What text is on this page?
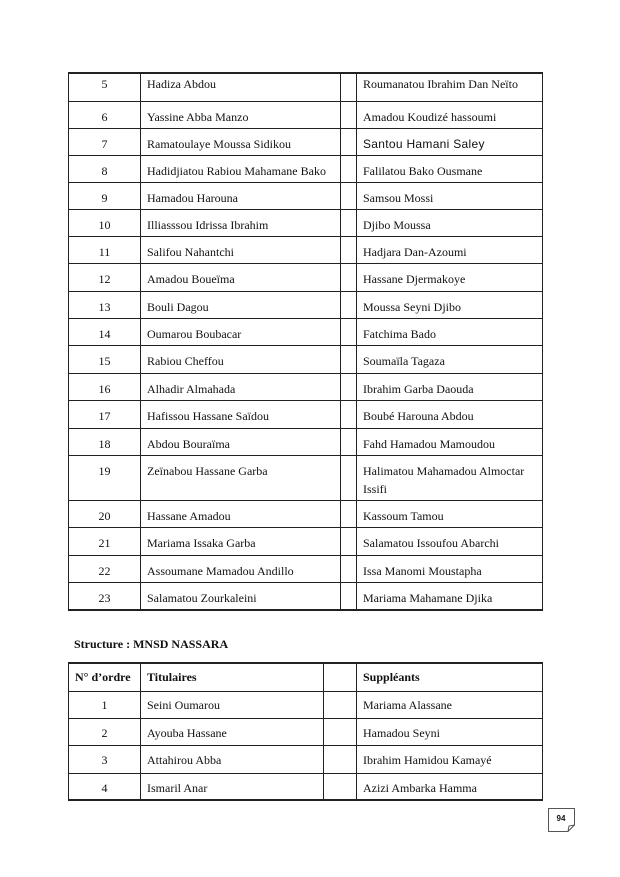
5	Hadiza Abdou		Roumanatou Ibrahim Dan Neïto
6	Yassine Abba Manzo		Amadou Koudizé hassoumi
7	Ramatoulaye Moussa Sidikou		Santou Hamani Saley
8	Hadidjiatou Rabiou Mahamane Bako		Falilatou Bako Ousmane
9	Hamadou Harouna		Samsou Mossi
10	Illiasssou Idrissa Ibrahim		Djibo Moussa
11	Salifou Nahantchi		Hadjara Dan-Azoumi
12	Amadou Boueïma		Hassane Djermakoye
13	Bouli Dagou		Moussa Seyni Djibo
14	Oumarou Boubacar		Fatchima Bado
15	Rabiou Cheffou		Soumaïla Tagaza
16	Alhadir Almahada		Ibrahim Garba Daouda
17	Hafissou Hassane Saïdou		Boubé Harouna Abdou
18	Abdou Bouraïma		Fahd Hamadou Mamoudou
19	Zeïnabou Hassane Garba		Halimatou Mahamadou Almoctar Issifi
20	Hassane Amadou		Kassoum Tamou
21	Mariama Issaka Garba		Salamatou Issoufou Abarchi
22	Assoumane Mamadou Andillo		Issa Manomi Moustapha
23	Salamatou Zourkaleini		Mariama Mahamane Djika
Structure : MNSD NASSARA
N° d’ordre	Titulaires		Suppléants
1	Seini Oumarou		Mariama Alassane
2	Ayouba Hassane		Hamadou Seyni
3	Attahirou Abba		Ibrahim Hamidou Kamayé
4	Ismaril Anar		Azizi Ambarka Hamma
94
